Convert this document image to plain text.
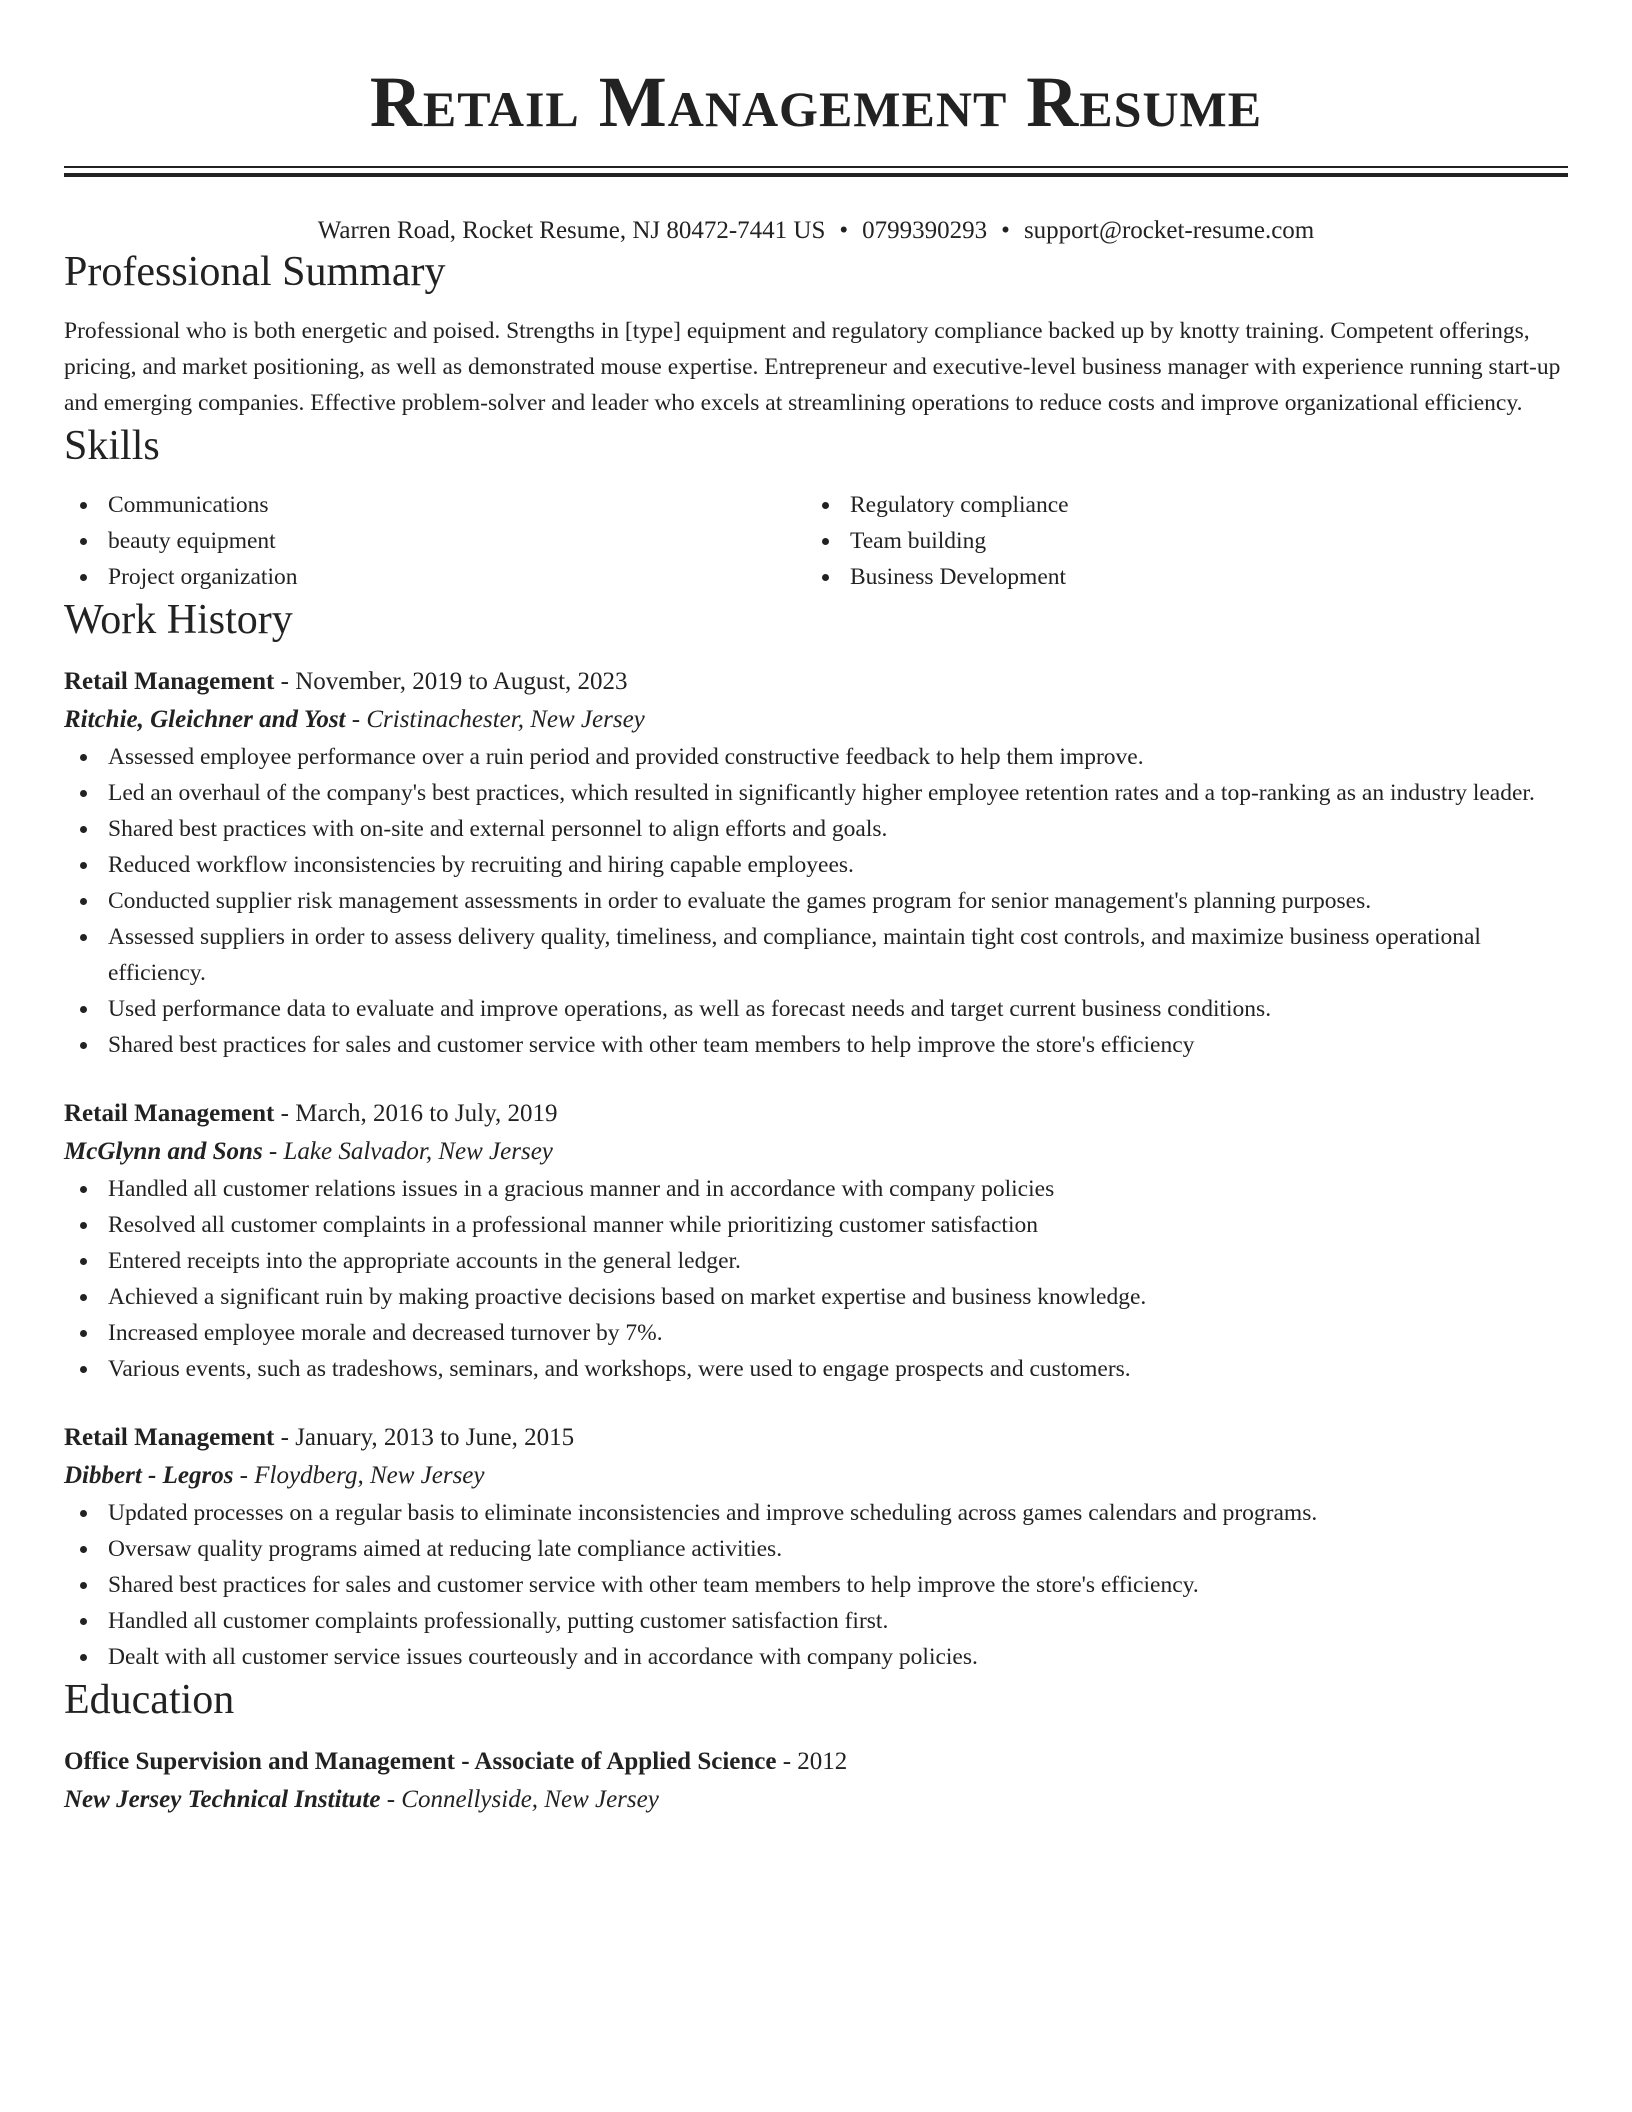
Retail Management Resume
Warren Road, Rocket Resume, NJ 80472-7441 US • 0799390293 • support@rocket-resume.com
Professional Summary

Professional who is both energetic and poised. Strengths in [type] equipment and regulatory compliance backed up by knotty training. Competent offerings, pricing, and market positioning, as well as demonstrated mouse expertise. Entrepreneur and executive-level business manager with experience running start-up and emerging companies. Effective problem-solver and leader who excels at streamlining operations to reduce costs and improve organizational efficiency.

Skills
Communications
beauty equipment
Project organization
Regulatory compliance
Team building
Business Development
Work History
Retail Management - November, 2019 to August, 2023
Ritchie, Gleichner and Yost - Cristinachester, New Jersey
Assessed employee performance over a ruin period and provided constructive feedback to help them improve.
Led an overhaul of the company's best practices, which resulted in significantly higher employee retention rates and a top-ranking as an industry leader.
Shared best practices with on-site and external personnel to align efforts and goals.
Reduced workflow inconsistencies by recruiting and hiring capable employees.
Conducted supplier risk management assessments in order to evaluate the games program for senior management's planning purposes.
Assessed suppliers in order to assess delivery quality, timeliness, and compliance, maintain tight cost controls, and maximize business operational efficiency.
Used performance data to evaluate and improve operations, as well as forecast needs and target current business conditions.
Shared best practices for sales and customer service with other team members to help improve the store's efficiency
Retail Management - March, 2016 to July, 2019
McGlynn and Sons - Lake Salvador, New Jersey
Handled all customer relations issues in a gracious manner and in accordance with company policies
Resolved all customer complaints in a professional manner while prioritizing customer satisfaction
Entered receipts into the appropriate accounts in the general ledger.
Achieved a significant ruin by making proactive decisions based on market expertise and business knowledge.
Increased employee morale and decreased turnover by 7%.
Various events, such as tradeshows, seminars, and workshops, were used to engage prospects and customers.
Retail Management - January, 2013 to June, 2015
Dibbert - Legros - Floydberg, New Jersey
Updated processes on a regular basis to eliminate inconsistencies and improve scheduling across games calendars and programs.
Oversaw quality programs aimed at reducing late compliance activities.
Shared best practices for sales and customer service with other team members to help improve the store's efficiency.
Handled all customer complaints professionally, putting customer satisfaction first.
Dealt with all customer service issues courteously and in accordance with company policies.
Education
Office Supervision and Management - Associate of Applied Science - 2012
New Jersey Technical Institute - Connellyside, New Jersey
